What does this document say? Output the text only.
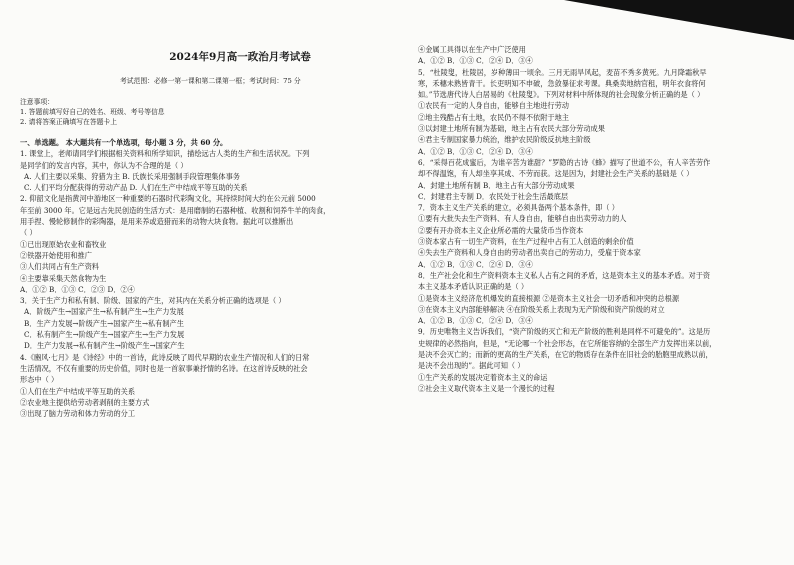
2024年9月高一政治月考试卷
考试范围：必修一第一课和第二课第一框；考试时间：75 分
注意事项：
1. 答题前填写好自己的姓名、班级、考号等信息
2. 请将答案正确填写在答题卡上
一、单选题。 本大题共有一个单选项，每小题 3 分，共 60 分。
1. 课堂上，老师请同学们根据相关资料和所学知识，描绘远古人类的生产和生活状况。下列
是同学们的发言内容，其中，你认为不合理的是（ ）
A. 人们主要以采集、狩猎为主 B. 氏族长采用强制手段管理集体事务
C. 人们平均分配获得的劳动产品 D. 人们在生产中结成平等互助的关系
2. 仰韶文化是指黄河中游地区一种重要的石器时代彩陶文化，其持续时间大约在公元前 5000
年至前 3000 年。它是远古先民创造的生活方式：是用磨制的石器种植、收割和饲养牛羊的肉食，
用手捏、慢轮修制作的彩陶器，是用来养或造猎而来的动物大块食物。据此可以推断出
（ ）
①已出现原始农业和畜牧业
②铁器开始使用和推广
③人们共同占有生产资料
④主要靠采集天然食物为生
A．①② B．①③ C．②③ D．②④
3．关于生产力和私有制、阶级、国家的产生，对其内在关系分析正确的选项是（ ）
A．阶级产生→国家产生→私有制产生→生产力发展
B．生产力发展→阶级产生→国家产生→私有制产生
C．私有制产生→阶级产生→国家产生→生产力发展
D．生产力发展→私有制产生→阶级产生→国家产生
4.《豳风·七月》是《诗经》中的一首诗，此诗反映了周代早期的农业生产情况和人们的日常
生活情况，不仅有重要的历史价值，同时也是一首叙事兼抒情的名诗。在这首诗反映的社会
形态中（ ）
①人们在生产中结成平等互助的关系
②农业地主提供给劳动者剥削的主要方式
③出现了脑力劳动和体力劳动的分工
④金属工具得以在生产中广泛使用
A．①② B．①③ C．②④ D．③④
5．“杜陵叟，杜陵居，岁种薄田一顷余。三月无雨旱风起，麦苗不秀多黄死。九月降霜秋早
寒，禾穗未熟皆青干。长吏明知不申破，急敛暴征求考课。典桑卖地纳官租，明年衣食将何
如。”节选唐代诗人白居易的《杜陵叟》。下列对材料中所体现的社会现象分析正确的是（ ）
①农民有一定的人身自由，能够自主地进行劳动
②地主残酷占有土地，农民仍不得不依附于地主
③以封建土地所有制为基础，地主占有农民大部分劳动成果
④君主专制国家暴力统治，维护农民阶级反抗地主阶级
A．①② B．①③ C．②④ D．③④
6．“采得百花成蜜后，为谁辛苦为谁甜？”罗隐的古诗《蜂》描写了世道不公，有人辛苦劳作
却不得温饱，有人却坐享其成、不劳而获。这是因为，封建社会生产关系的基础是（ ）
A．封建土地所有制 B．地主占有大部分劳动成果
C．封建君主专制 D．农民处于社会生活最底层
7．资本主义生产关系的建立，必须具备两个基本条件，即（ ）
①要有大批失去生产资料、有人身自由，能够自由出卖劳动力的人
②要有开办资本主义企业所必需的大量货币当作资本
③资本家占有一切生产资料，在生产过程中占有工人创造的剩余价值
④失去生产资料和人身自由的劳动者出卖自己的劳动力，受雇于资本家
A．①② B．①③ C．②④ D．③④
8．生产社会化和生产资料资本主义私人占有之间的矛盾，这是资本主义的基本矛盾。对于资
本主义基本矛盾认识正确的是（ ）
①是资本主义经济危机爆发的直接根源 ②是资本主义社会一切矛盾和冲突的总根源
③在资本主义内部能够解决 ④在阶级关系上表现为无产阶级和资产阶级的对立
A．①② B．①③ C．②④ D．③④
9．历史唯物主义告诉我们，“资产阶级的灭亡和无产阶级的胜利是同样不可避免的”。这是历
史规律的必然指向，但是，“无论哪一个社会形态，在它所能容纳的全部生产力发挥出来以前，
是决不会灭亡的；而新的更高的生产关系，在它的物质存在条件在旧社会的胎胞里成熟以前，
是决不会出现的”。据此可知（ ）
①生产关系的发展决定着资本主义的命运
②社会主义取代资本主义是一个漫长的过程
